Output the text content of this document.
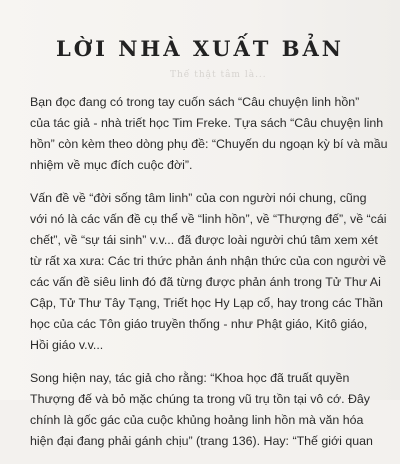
LỜI NHÀ XUẤT BẢN
Thế thật tâm là...
Bạn đọc đang có trong tay cuốn sách “Câu chuyện linh hồn”
của tác giả - nhà triết học Tim Freke. Tựa sách “Câu chuyện linh
hồn” còn kèm theo dòng phụ đề: “Chuyến du ngoạn kỳ bí và mầu
nhiệm về mục đích cuộc đời”.
Vấn đề về “đời sống tâm linh” của con người nói chung, cũng
với nó là các vấn đề cụ thể về “linh hồn”, về “Thượng đế”, về “cái
chết”, về “sự tái sinh” v.v... đã được loài người chú tâm xem xét
từ rất xa xưa: Các tri thức phản ánh nhận thức của con người về
các vấn đề siêu linh đó đã từng được phản ánh trong Tử Thư Ai
Cập, Tử Thư Tây Tạng, Triết học Hy Lạp cổ, hay trong các Thần
học của các Tôn giáo truyền thống - như Phật giáo, Kitô giáo,
Hồi giáo v.v...
Song hiện nay, tác giả cho rằng: “Khoa học đã truất quyền
Thượng đế và bỏ mặc chúng ta trong vũ trụ tồn tại vô cớ. Đây
chính là gốc gác của cuộc khủng hoảng linh hồn mà văn hóa
hiện đại đang phải gánh chịu” (trang 136). Hay: “Thế giới quan
